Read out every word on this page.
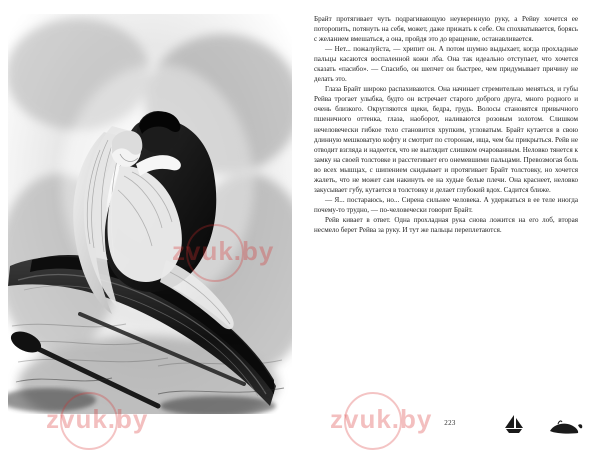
Брайт протягивает чуть подрагивающую неуверенную руку, а Рейву хочется ее поторопить, потянуть на себя, может, даже прижать к себе. Он спохватывается, борясь с желанием вмешаться, а она, пройдя это до вращение, останавливается.

— Нет... пожалуйста, — хрипит он. А потом шумно выдыхает, когда прохладные пальцы касаются воспаленной кожи лба. Она так идеально отступает, что хочется сказать «пасибо». — Спасибо, он шепчет он быстрее, чем придумывает причину не делать это.

Глаза Брайт широко распахиваются. Она начинает стремительно меняться, и губы Рейва трогает улыбка, будто он встречает старого доброго друга, много родного и очень близкого. Округляются щеки, бедра, грудь. Волосы становятся привычного пшеничного оттенка, глаза, наоборот, наливаются розовым золотом. Слишком нечеловечески гибкое тело становится хрупким, угловатым. Брайт кутается в свою длинную мешковатую кофту и смотрит по сторонам, ища, чем бы прикрыться. Рейв не отводит взгляда и надеется, что не выглядит слишком очарованным. Неловко тянется к замку на своей толстовке и расстегивает его онемевшими пальцами. Превозмогая боль во всех мышцах, с шипением скидывает и протягивает Брайт толстовку, но хочется жалеть, что не может сам накинуть ее на худые белые плечи. Она краснеет, неловко закусывает губу, кутается в толстовку и делает глубокий вдох. Садится ближе.

— Я... постараюсь, но... Сирена сильнее человека. А удержаться в ее теле иногда почему-то трудно, — по-человечески говорит Брайт.

Рейв кивает в ответ. Одна прохладная рука снова ложится на его лоб, вторая несмело берет Рейва за руку. И тут же пальцы переплетаются.

223
zvuk.by
zvuk.by	zvuk.by
